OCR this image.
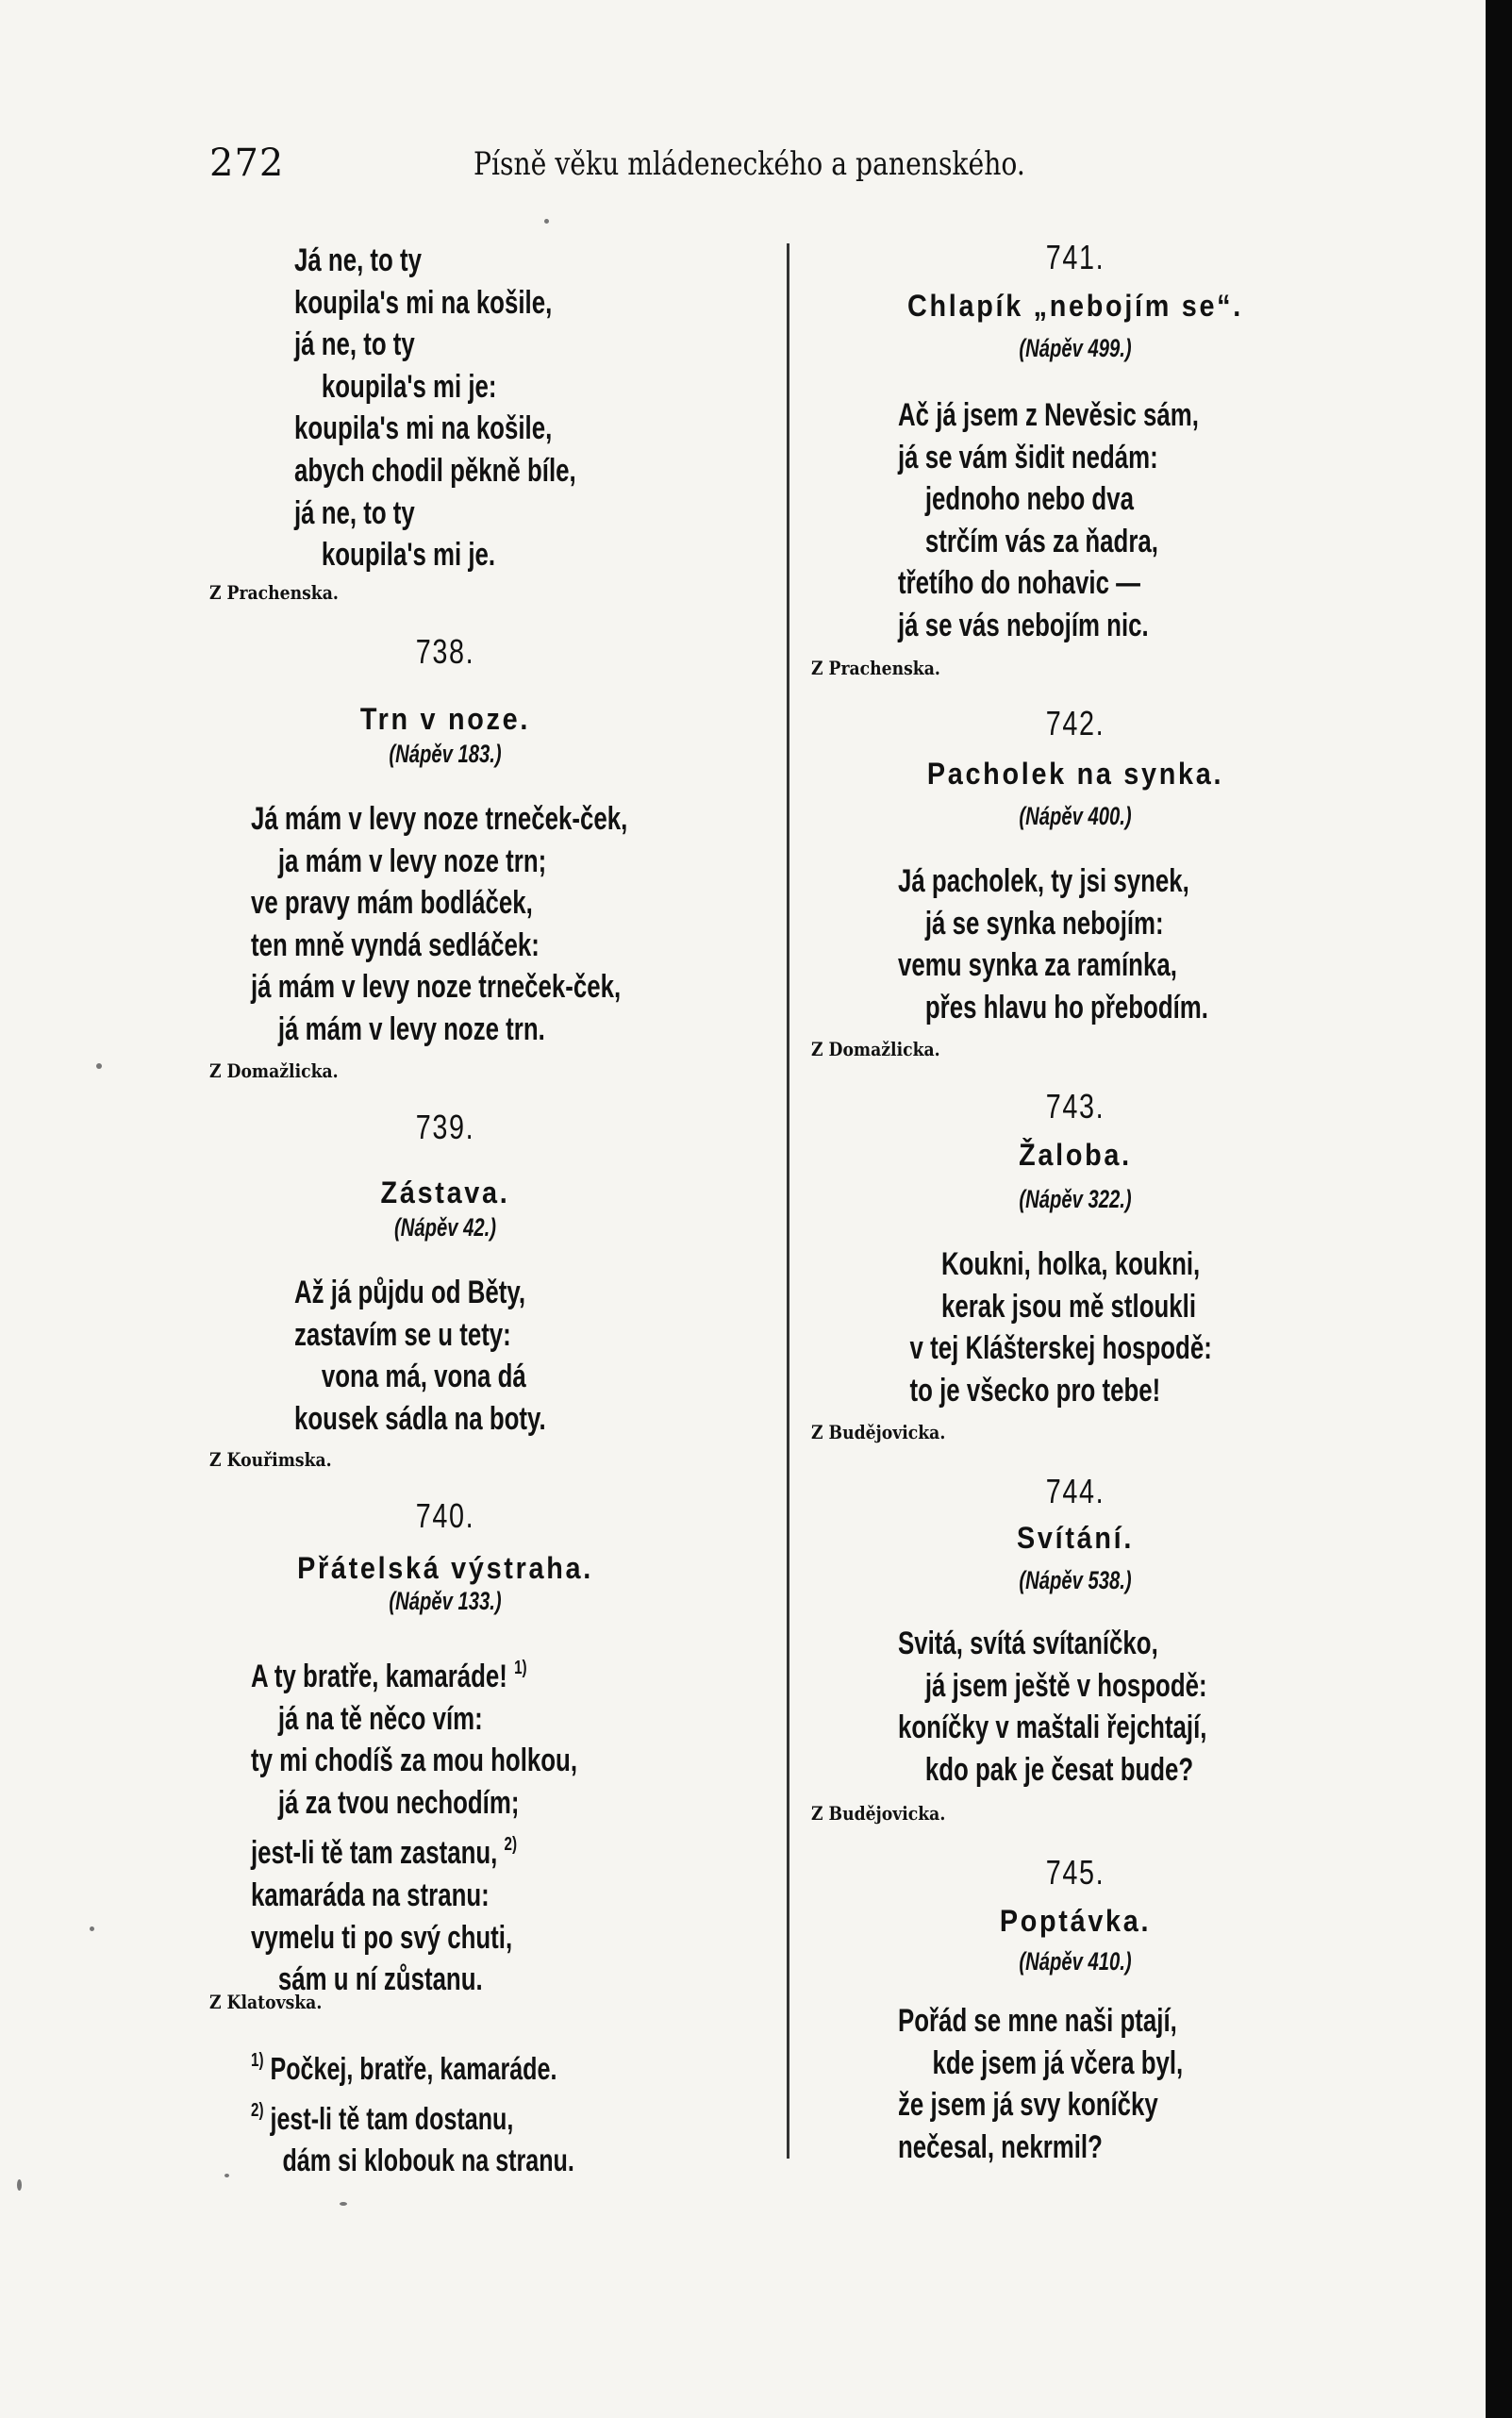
272	Písně věku mládeneckého a panenského.
Já ne, to ty
koupila's mi na košile,
já ne, to ty
koupila's mi je:
koupila's mi na košile,
abych chodil pěkně bíle,
já ne, to ty
koupila's mi je.
Z Prachenska.
738.
Trn v noze.
(Nápěv 183.)
Já mám v levy noze trneček-ček,
ja mám v levy noze trn;
ve pravy mám bodláček,
ten mně vyndá sedláček:
já mám v levy noze trneček-ček,
já mám v levy noze trn.
Z Domažlicka.
739.
Zástava.
(Nápěv 42.)
Až já půjdu od Běty,
zastavím se u tety:
vona má, vona dá
kousek sádla na boty.
Z Kouřimska.
740.
Přátelská výstraha.
(Nápěv 133.)
A ty bratře, kamaráde! $^{1)}$
já na tě něco vím:
ty mi chodíš za mou holkou,
já za tvou nechodím;
jest-li tě tam zastanu, $^{2)}$
kamaráda na stranu:
vymelu ti po svý chuti,
sám u ní zůstanu.
Z Klatovska.
$^{1)}$ Počkej, bratře, kamaráde.
$^{2)}$ jest-li tě tam dostanu,
dám si klobouk na stranu.
741.
Chlapík „nebojím se“.
(Nápěv 499.)
Ač já jsem z Nevěsic sám,
já se vám šidit nedám:
jednoho nebo dva
strčím vás za ňadra,
třetího do nohavic —
já se vás nebojím nic.
Z Prachenska.
742.
Pacholek na synka.
(Nápěv 400.)
Já pacholek, ty jsi synek,
já se synka nebojím:
vemu synka za ramínka,
přes hlavu ho přebodím.
Z Domažlicka.
743.
Žaloba.
(Nápěv 322.)
Koukni, holka, koukni,
kerak jsou mě stloukli
v tej Klášterskej hospodě:
to je všecko pro tebe!
Z Budějovicka.
744.
Svítání.
(Nápěv 538.)
Svitá, svítá svítaníčko,
já jsem ještě v hospodě:
koníčky v maštali řejchtají,
kdo pak je česat bude?
Z Budějovicka.
745.
Poptávka.
(Nápěv 410.)
Pořád se mne naši ptají,
kde jsem já včera byl,
že jsem já svy koníčky
nečesal, nekrmil?
